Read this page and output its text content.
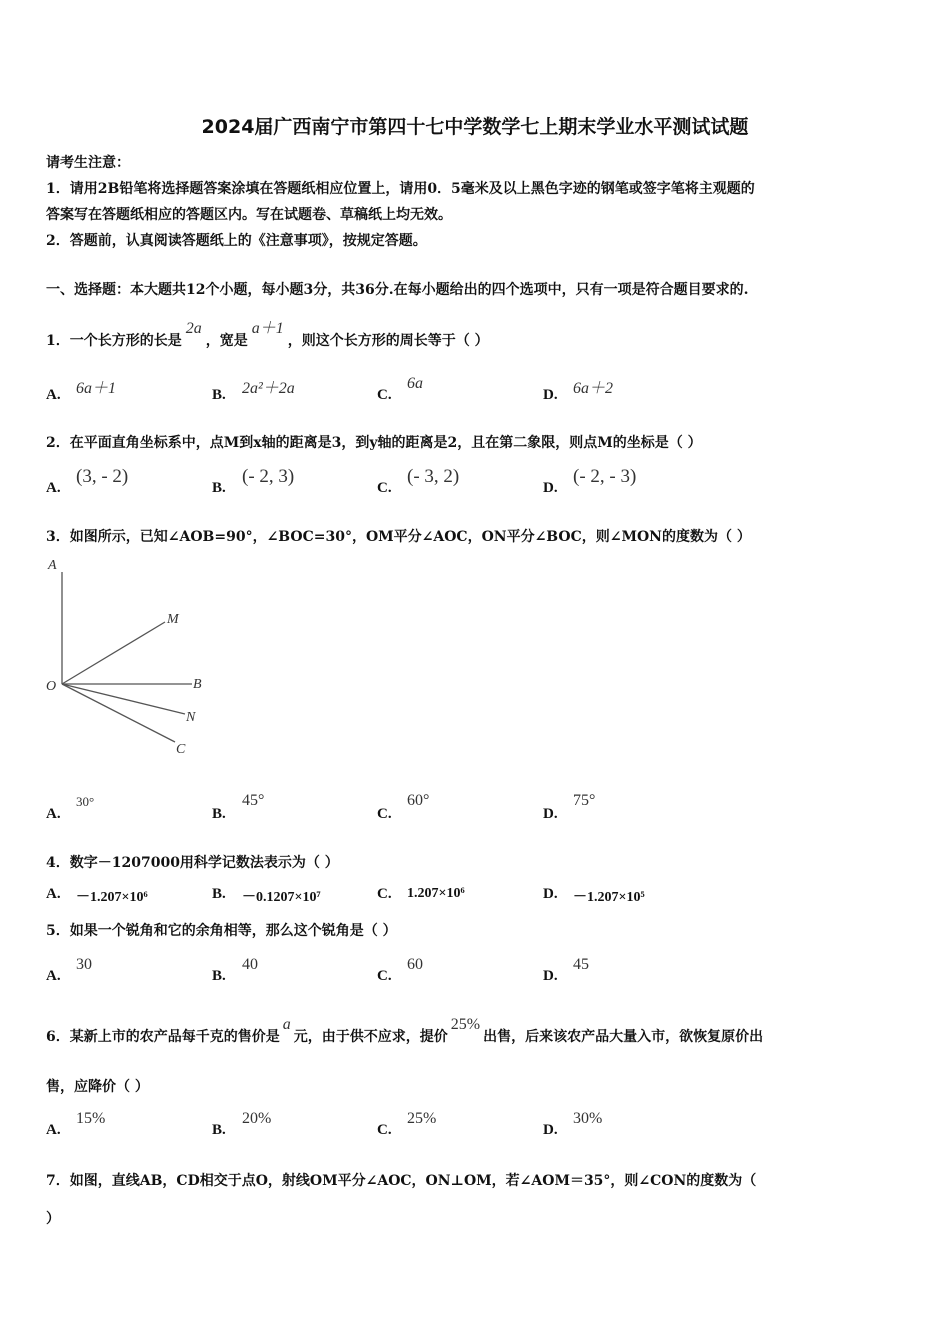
2024届广西南宁市第四十七中学数学七上期末学业水平测试试题
请考生注意：
1．请用2B铅笔将选择题答案涂填在答题纸相应位置上，请用0．5毫米及以上黑色字迹的钢笔或签字笔将主观题的
答案写在答题纸相应的答题区内。写在试题卷、草稿纸上均无效。
2．答题前，认真阅读答题纸上的《注意事项》，按规定答题。
一、选择题：本大题共12个小题，每小题3分，共36分.在每小题给出的四个选项中，只有一项是符合题目要求的.
1．一个长方形的长是2a，宽是a＋1，则这个长方形的周长等于（ ）
A. 6a＋1	B. 2a²＋2a	C.
6a
D. 6a＋2
2．在平面直角坐标系中，点M到x轴的距离是3，到y轴的距离是2，且在第二象限，则点M的坐标是（ ）
A.
(3, - 2)
B.
(- 2, 3)
C.
(- 3, 2)
D.
(- 2, - 3)
3．如图所示，已知∠AOB=90°，∠BOC=30°，OM平分∠AOC，ON平分∠BOC，则∠MON的度数为（ ）
A
M
O	B
N
C
A.
30°
B.
45°
C.
60°
D.
75°
4．数字－1207000用科学记数法表示为（ ）
A. －1.207×10⁶	B. －0.1207×10⁷	C. 1.207×10⁶	D. －1.207×10⁵
5．如果一个锐角和它的余角相等，那么这个锐角是（ ）
A.
30
B.
40
C.
60
D.
45
6．某新上市的农产品每千克的售价是a元，由于供不应求，提价25%出售，后来该农产品大量入市，欲恢复原价出
售，应降价（ ）
A.
15%
B.
20%
C.
25%
D.
30%
7．如图，直线AB，CD相交于点O，射线OM平分∠AOC，ON⊥OM，若∠AOM＝35°，则∠CON的度数为（
）
